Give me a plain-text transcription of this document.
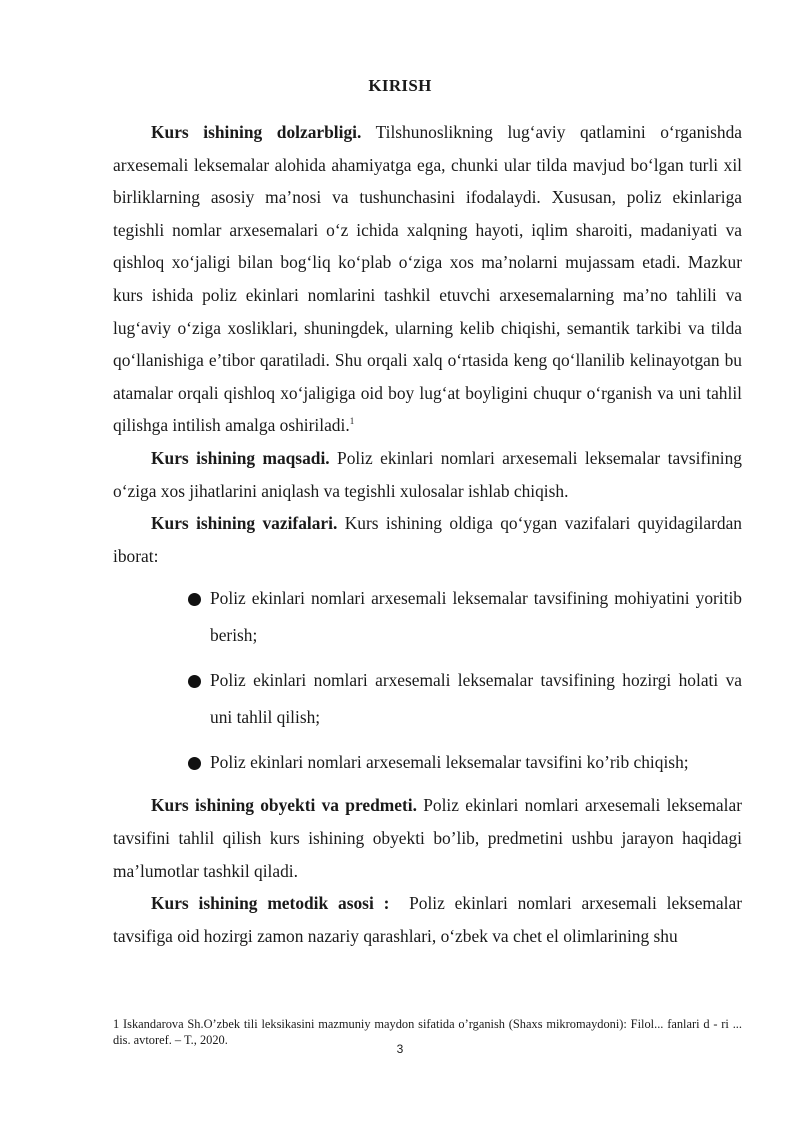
KIRISH

Kurs ishining dolzarbligi. Tilshunoslikning lug‘aviy qatlamini o‘rganishda arxesemali leksemalar alohida ahamiyatga ega, chunki ular tilda mavjud bo‘lgan turli xil birliklarning asosiy ma’nosi va tushunchasini ifodalaydi. Xususan, poliz ekinlariga tegishli nomlar arxesemalari o‘z ichida xalqning hayoti, iqlim sharoiti, madaniyati va qishloq xo‘jaligi bilan bog‘liq ko‘plab o‘ziga xos ma’nolarni mujassam etadi. Mazkur kurs ishida poliz ekinlari nomlarini tashkil etuvchi arxesemalarning ma’no tahlili va lug‘aviy o‘ziga xosliklari, shuningdek, ularning kelib chiqishi, semantik tarkibi va tilda qo‘llanishiga e’tibor qaratiladi. Shu orqali xalq o‘rtasida keng qo‘llanilib kelinayotgan bu atamalar orqali qishloq xo‘jaligiga oid boy lug‘at boyligini chuqur o‘rganish va uni tahlil qilishga intilish amalga oshiriladi.$^1$

Kurs ishining maqsadi. Poliz ekinlari nomlari arxesemali leksemalar tavsifining o‘ziga xos jihatlarini aniqlash va tegishli xulosalar ishlab chiqish.

Kurs ishining vazifalari. Kurs ishining oldiga qo‘ygan vazifalari quyidagilardan iborat:

Poliz ekinlari nomlari arxesemali leksemalar tavsifining mohiyatini yoritib berish;
Poliz ekinlari nomlari arxesemali leksemalar tavsifining hozirgi holati va uni tahlil qilish;
Poliz ekinlari nomlari arxesemali leksemalar tavsifini ko’rib chiqish;

Kurs ishining obyekti va predmeti. Poliz ekinlari nomlari arxesemali leksemalar tavsifini tahlil qilish kurs ishining obyekti bo’lib, predmetini ushbu jarayon haqidagi ma’lumotlar tashkil qiladi.

Kurs ishining metodik asosi : Poliz ekinlari nomlari arxesemali leksemalar tavsifiga oid hozirgi zamon nazariy qarashlari, o‘zbek va chet el olimlarining shu

1 Iskandarova Sh.O’zbek tili leksikasini mazmuniy maydon sifatida o’rganish (Shaxs mikromaydoni): Filol... fanlari d - ri ... dis. avtoref. – T., 2020.
3
